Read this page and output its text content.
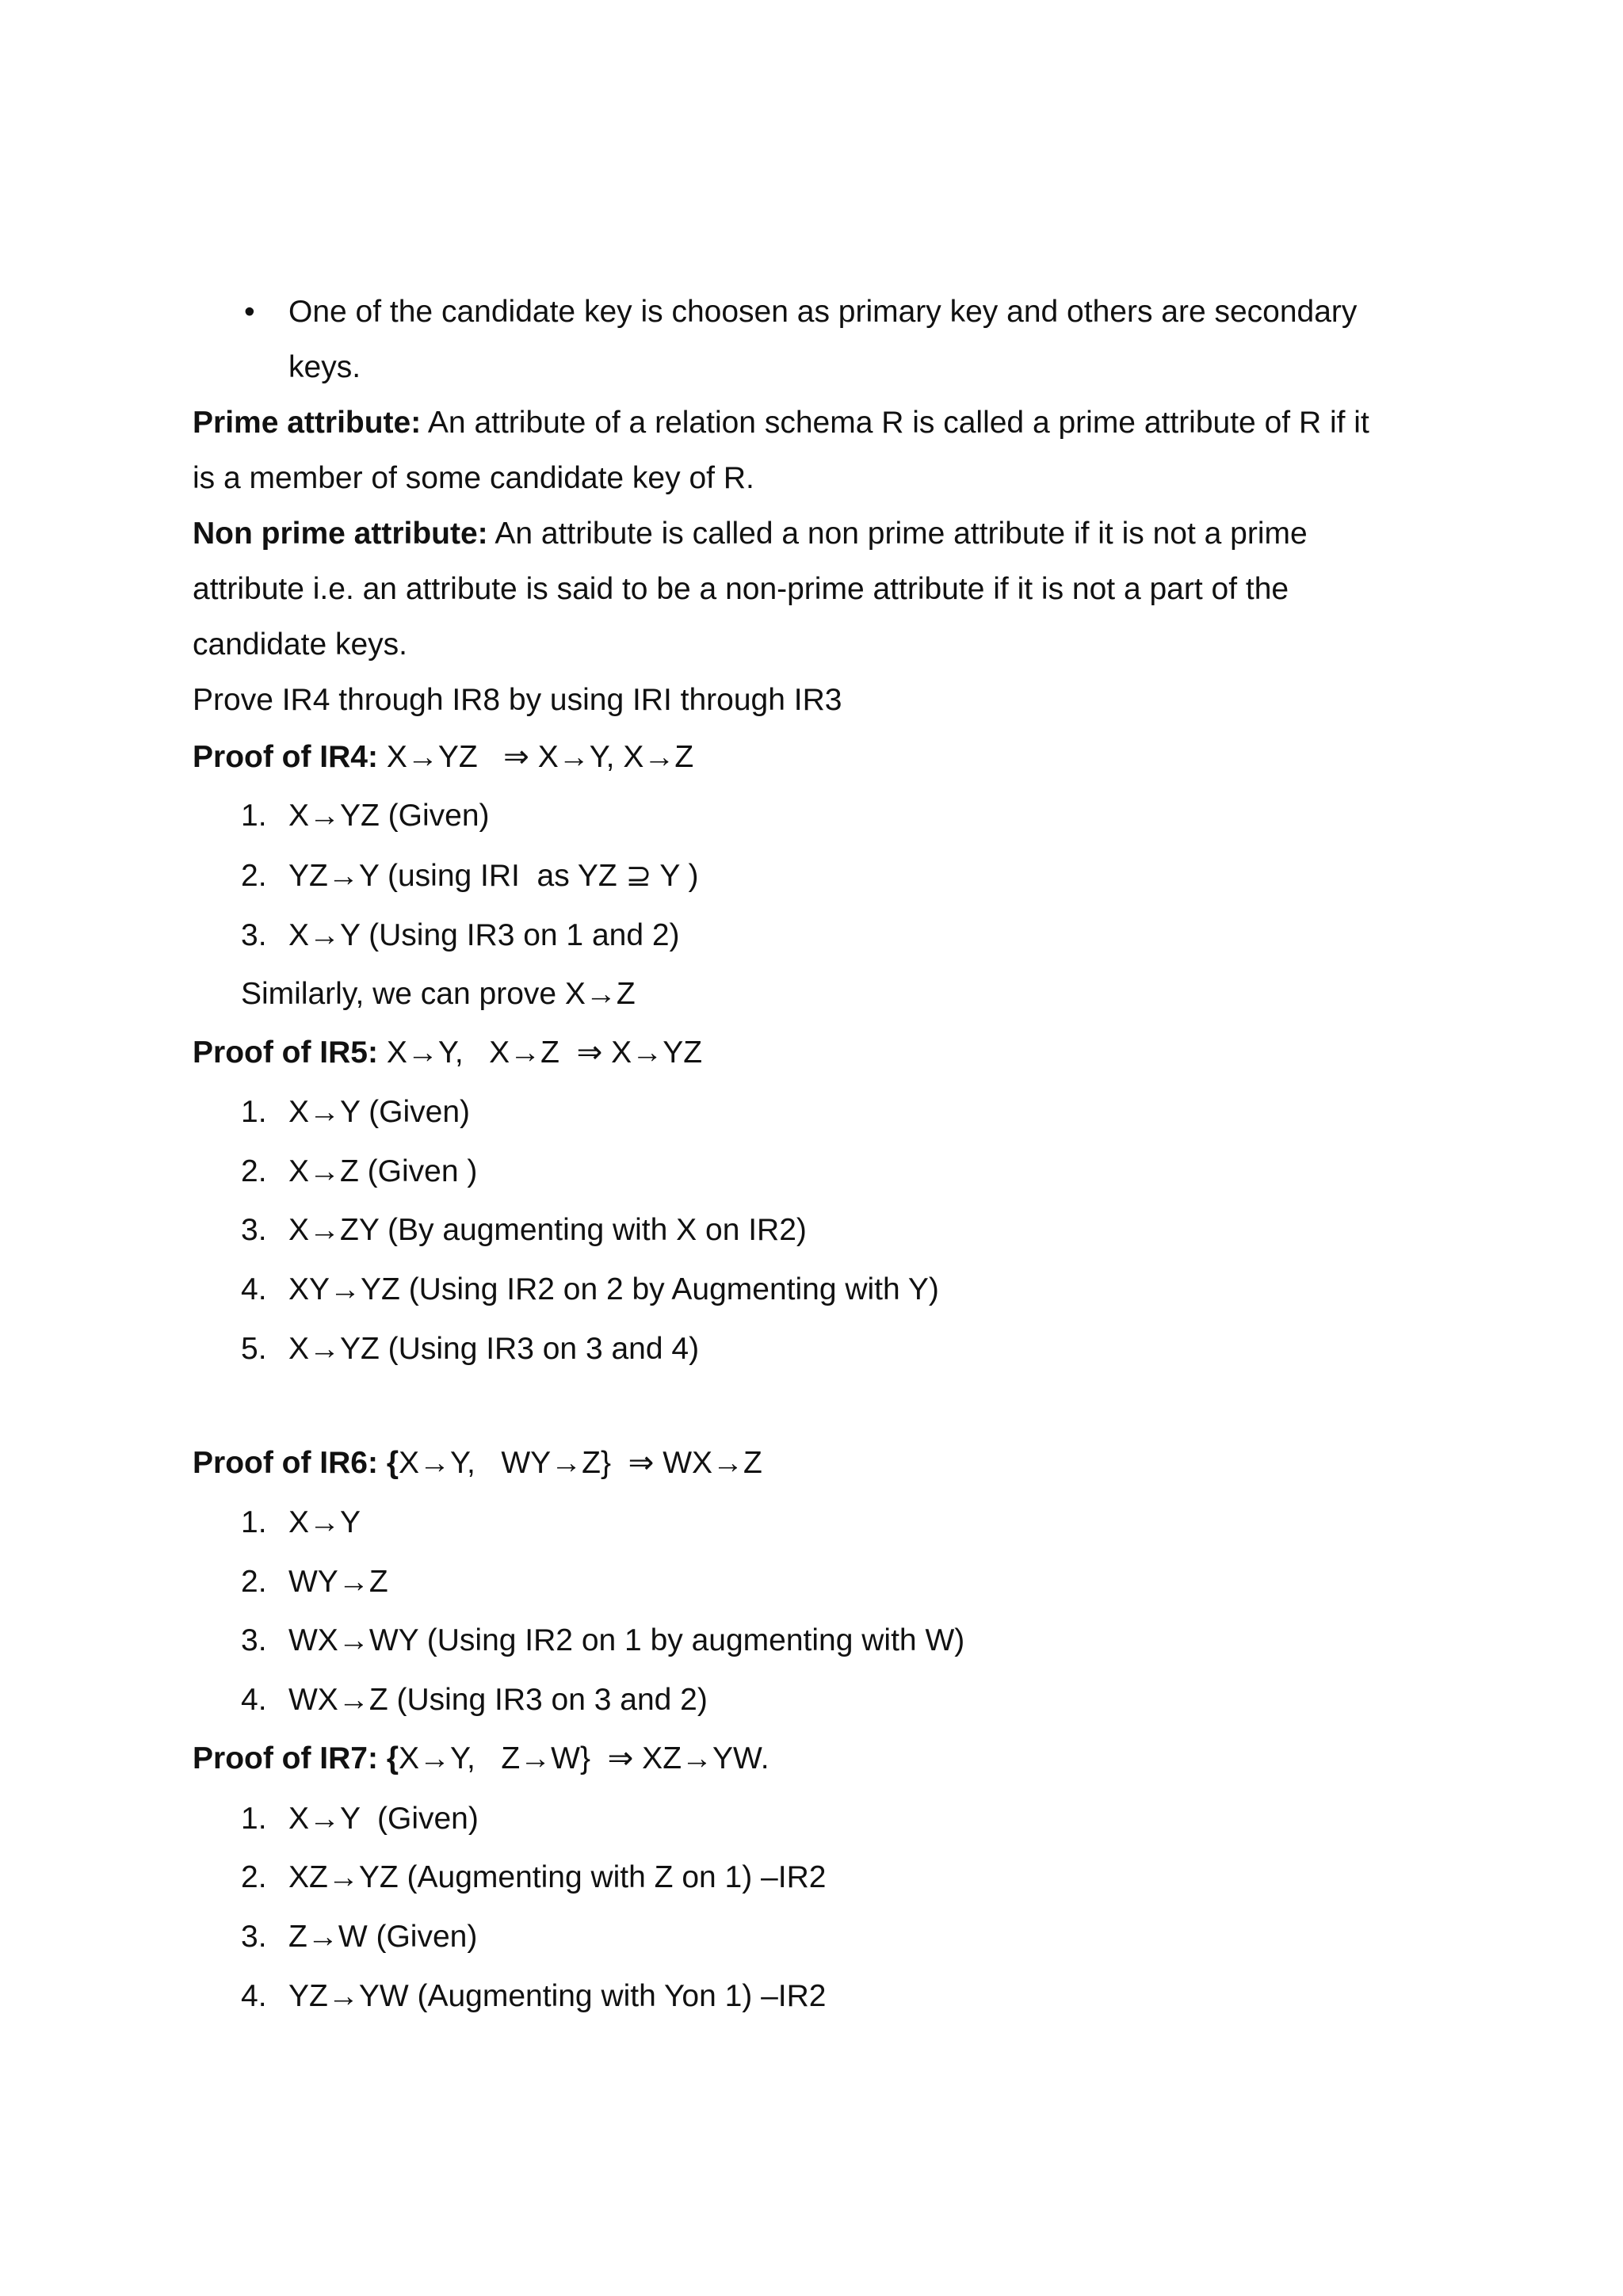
• One of the candidate key is choosen as primary key and others are secondary
keys.
Prime attribute: An attribute of a relation schema R is called a prime attribute of R if it
is a member of some candidate key of R.
Non prime attribute: An attribute is called a non prime attribute if it is not a prime
attribute i.e. an attribute is said to be a non-prime attribute if it is not a part of the
candidate keys.
Prove IR4 through IR8 by using IRI through IR3
Proof of IR4: X→YZ   ⇒ X→Y, X→Z
1. X→YZ (Given)
2. YZ→Y (using IRI  as YZ ⊇ Y )
3. X→Y (Using IR3 on 1 and 2)
Similarly, we can prove X→Z
Proof of IR5: X→Y,   X→Z  ⇒ X→YZ
1. X→Y (Given)
2. X→Z (Given )
3. X→ZY (By augmenting with X on IR2)
4. XY→YZ (Using IR2 on 2 by Augmenting with Y)
5. X→YZ (Using IR3 on 3 and 4)
Proof of IR6: {X→Y,   WY→Z}  ⇒ WX→Z
1. X→Y
2. WY→Z
3. WX→WY (Using IR2 on 1 by augmenting with W)
4. WX→Z (Using IR3 on 3 and 2)
Proof of IR7: {X→Y,   Z→W}  ⇒ XZ→YW.
1. X→Y  (Given)
2. XZ→YZ (Augmenting with Z on 1) –IR2
3. Z→W (Given)
4. YZ→YW (Augmenting with Yon 1) –IR2
